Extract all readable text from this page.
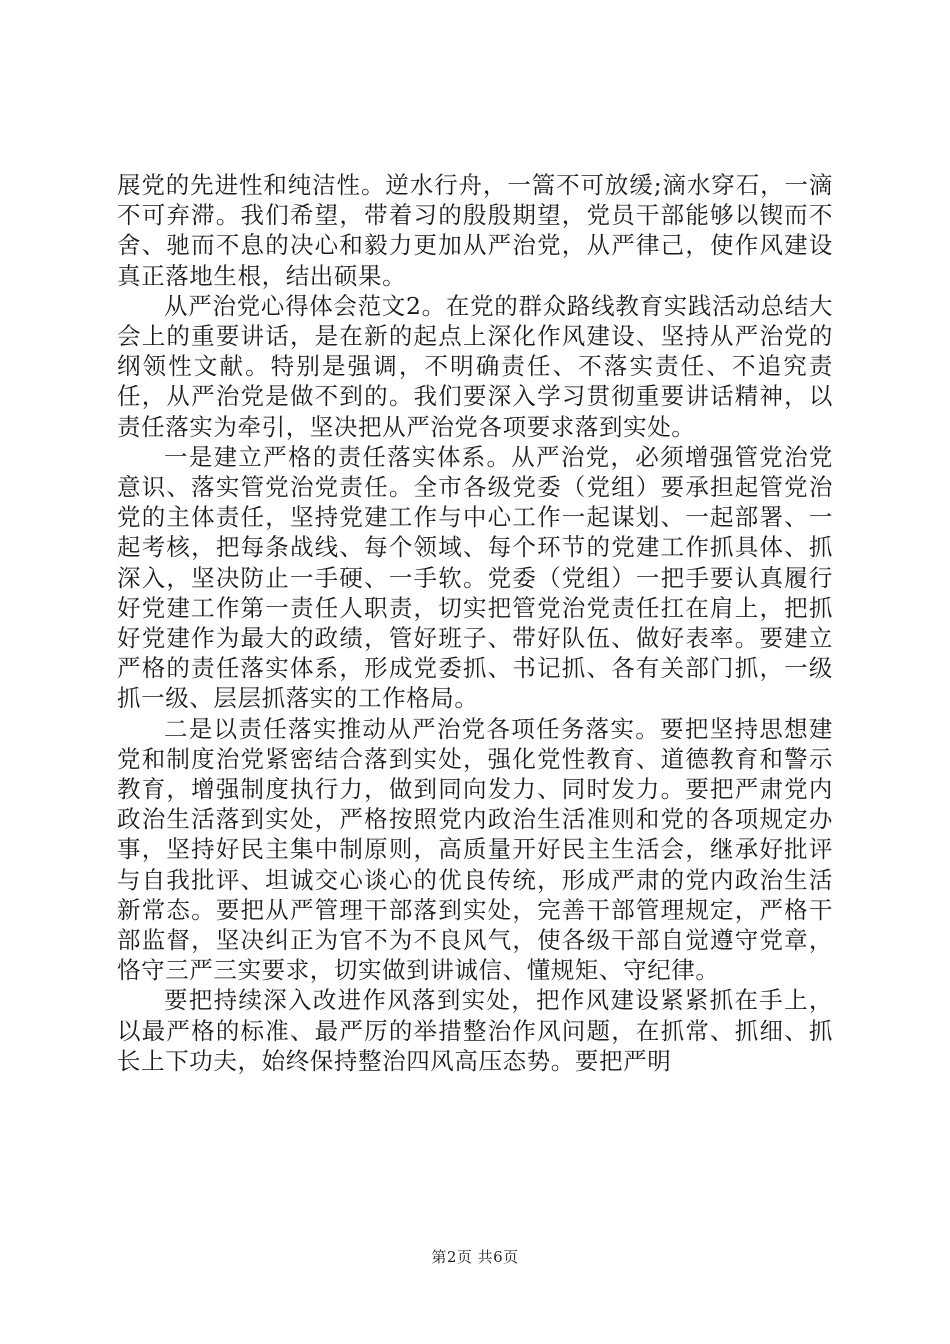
展党的先进性和纯洁性。逆水行舟，一篙不可放缓;滴水穿石，一滴不可弃滞。我们希望，带着习的殷殷期望，党员干部能够以锲而不舍、驰而不息的决心和毅力更加从严治党，从严律己，使作风建设真正落地生根，结出硕果。

从严治党心得体会范文2。在党的群众路线教育实践活动总结大会上的重要讲话，是在新的起点上深化作风建设、坚持从严治党的纲领性文献。特别是强调，不明确责任、不落实责任、不追究责任，从严治党是做不到的。我们要深入学习贯彻重要讲话精神，以责任落实为牵引，坚决把从严治党各项要求落到实处。

一是建立严格的责任落实体系。从严治党，必须增强管党治党意识、落实管党治党责任。全市各级党委（党组）要承担起管党治党的主体责任，坚持党建工作与中心工作一起谋划、一起部署、一起考核，把每条战线、每个领域、每个环节的党建工作抓具体、抓深入，坚决防止一手硬、一手软。党委（党组）一把手要认真履行好党建工作第一责任人职责，切实把管党治党责任扛在肩上，把抓好党建作为最大的政绩，管好班子、带好队伍、做好表率。要建立严格的责任落实体系，形成党委抓、书记抓、各有关部门抓，一级抓一级、层层抓落实的工作格局。

二是以责任落实推动从严治党各项任务落实。要把坚持思想建党和制度治党紧密结合落到实处，强化党性教育、道德教育和警示教育，增强制度执行力，做到同向发力、同时发力。要把严肃党内政治生活落到实处，严格按照党内政治生活准则和党的各项规定办事，坚持好民主集中制原则，高质量开好民主生活会，继承好批评与自我批评、坦诚交心谈心的优良传统，形成严肃的党内政治生活新常态。要把从严管理干部落到实处，完善干部管理规定，严格干部监督，坚决纠正为官不为不良风气，使各级干部自觉遵守党章，恪守三严三实要求，切实做到讲诚信、懂规矩、守纪律。

要把持续深入改进作风落到实处，把作风建设紧紧抓在手上，以最严格的标准、最严厉的举措整治作风问题，在抓常、抓细、抓长上下功夫，始终保持整治四风高压态势。要把严明

第2页 共6页
